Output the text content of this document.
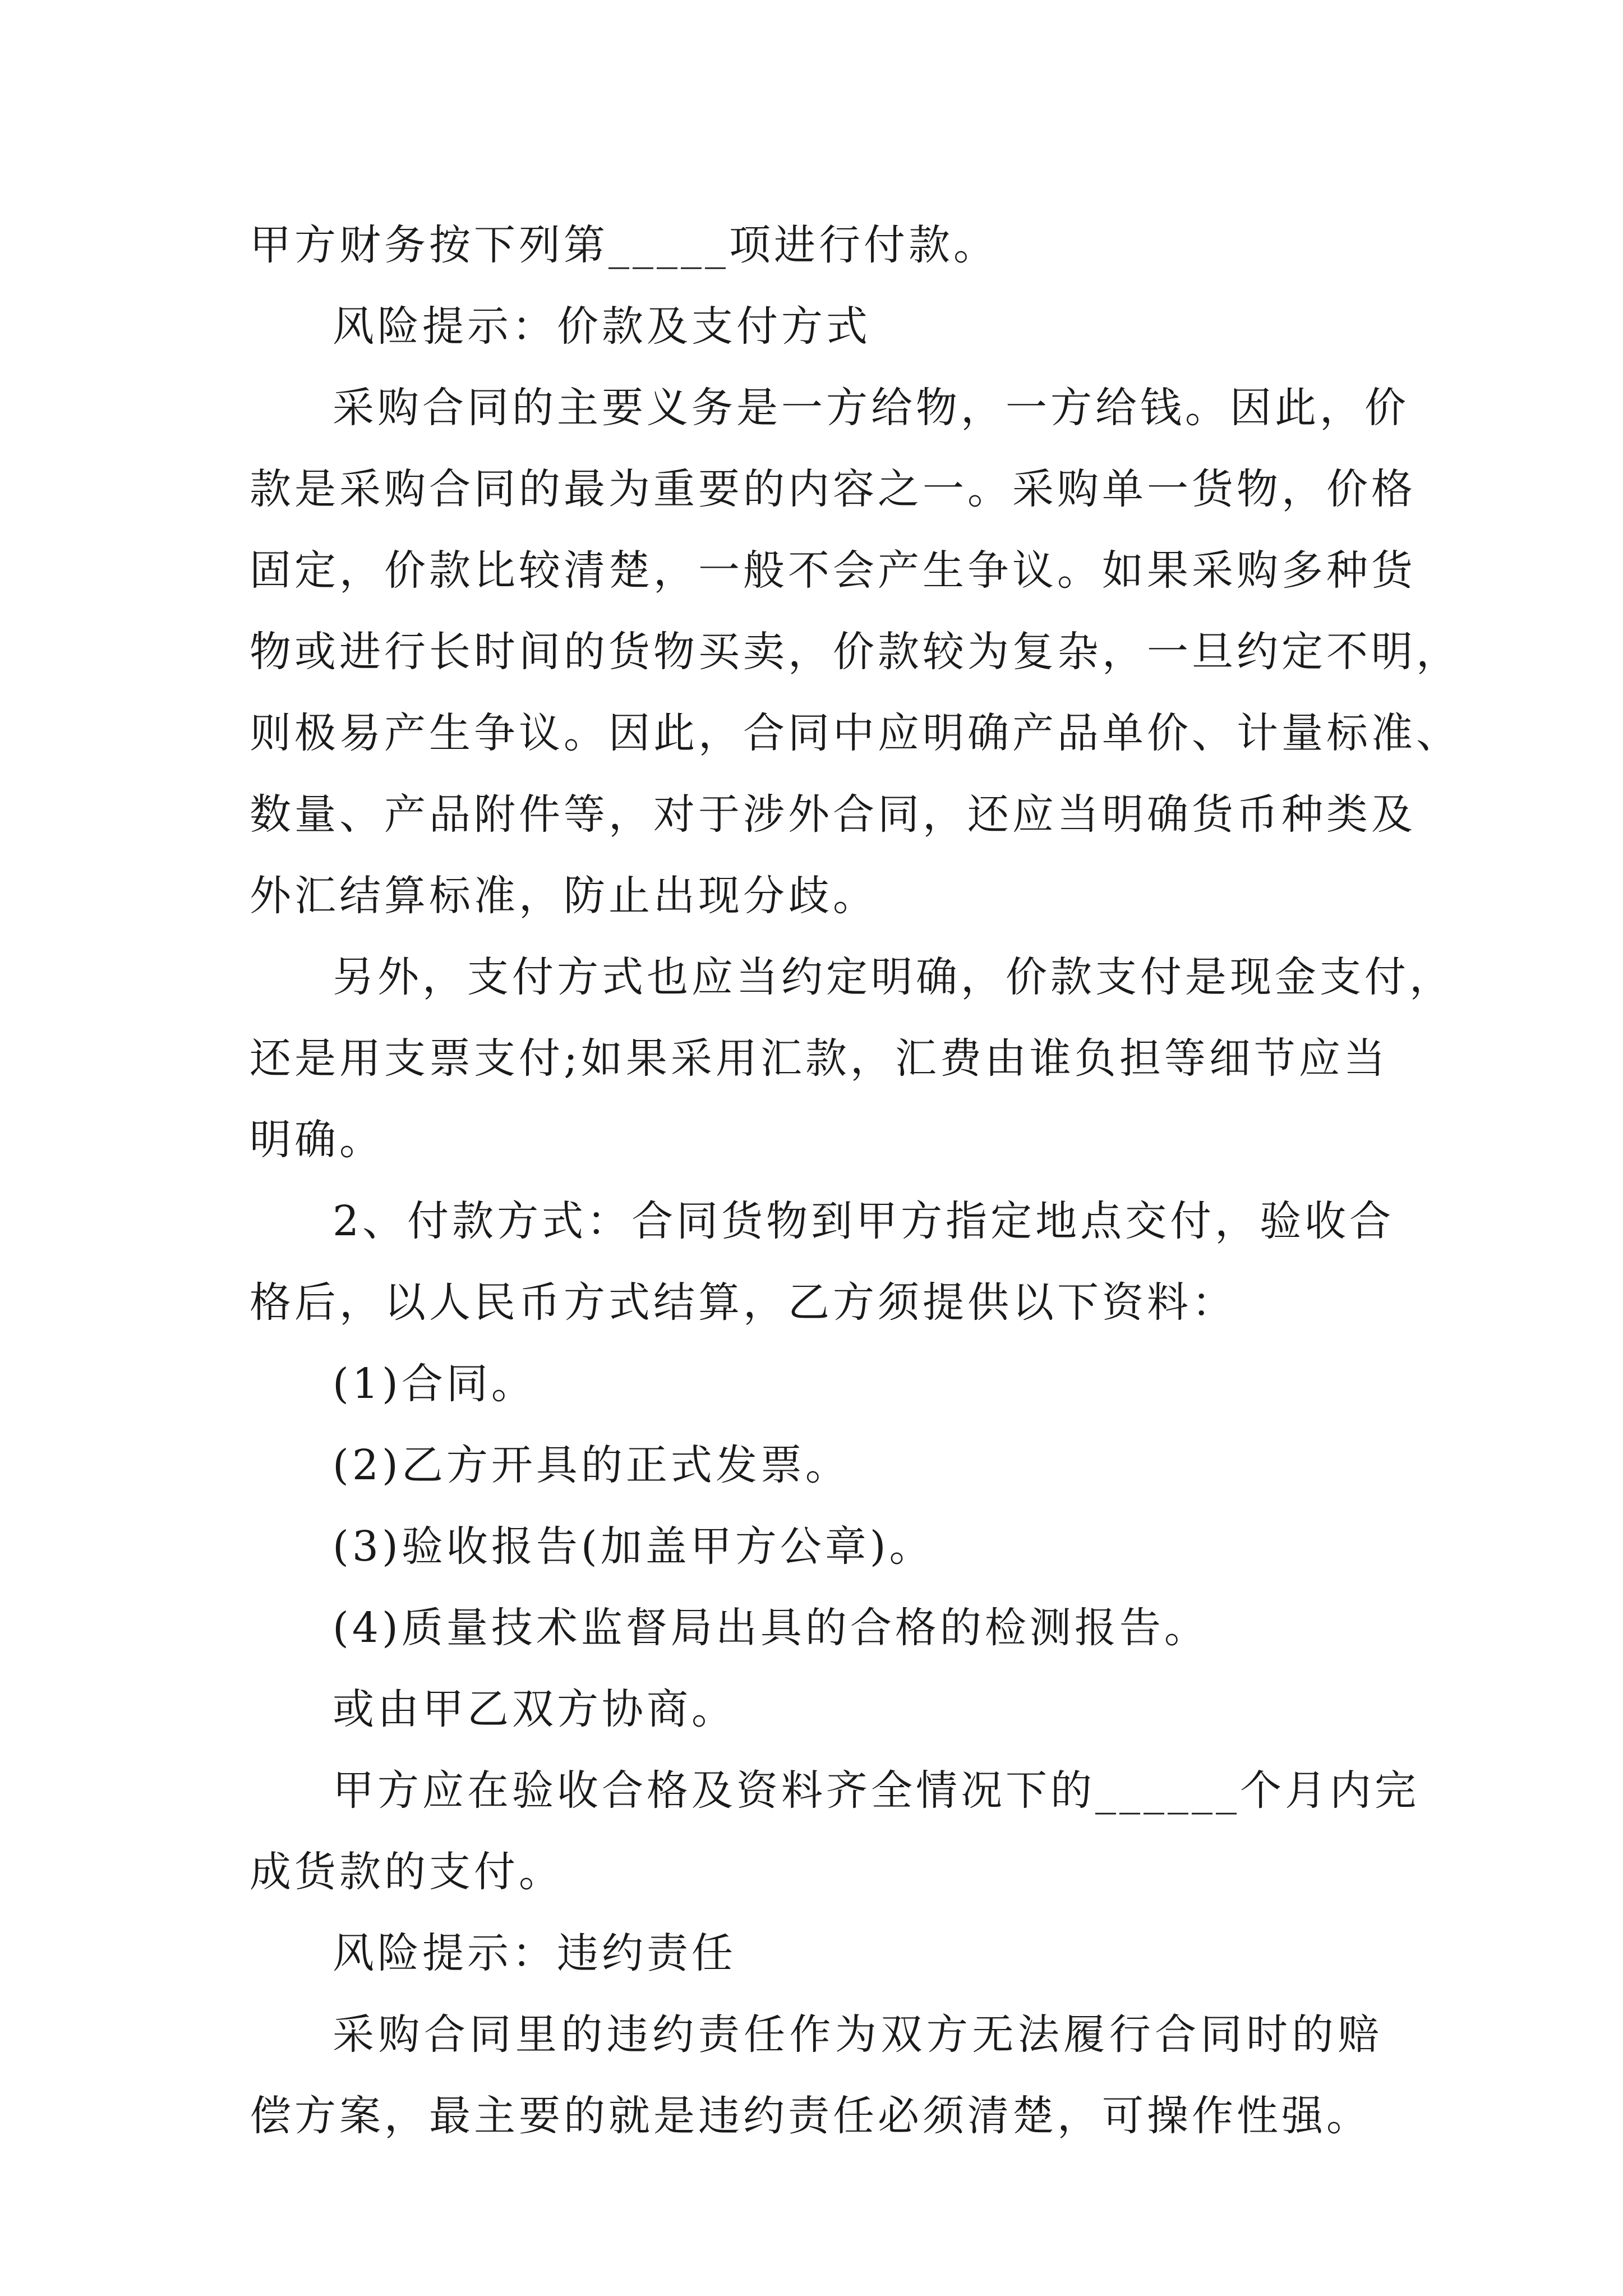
甲方财务按下列第_____项进行付款。
风险提示：价款及支付方式
采购合同的主要义务是一方给物，一方给钱。因此，价
款是采购合同的最为重要的内容之一。采购单一货物，价格
固定，价款比较清楚，一般不会产生争议。如果采购多种货
物或进行长时间的货物买卖，价款较为复杂，一旦约定不明，
则极易产生争议。因此，合同中应明确产品单价、计量标准、
数量、产品附件等，对于涉外合同，还应当明确货币种类及
外汇结算标准，防止出现分歧。
另外，支付方式也应当约定明确，价款支付是现金支付，
还是用支票支付;如果采用汇款，汇费由谁负担等细节应当
明确。
2、付款方式：合同货物到甲方指定地点交付，验收合
格后，以人民币方式结算，乙方须提供以下资料：
(1)合同。
(2)乙方开具的正式发票。
(3)验收报告(加盖甲方公章)。
(4)质量技术监督局出具的合格的检测报告。
或由甲乙双方协商。
甲方应在验收合格及资料齐全情况下的______个月内完
成货款的支付。
风险提示：违约责任
采购合同里的违约责任作为双方无法履行合同时的赔
偿方案，最主要的就是违约责任必须清楚，可操作性强。
